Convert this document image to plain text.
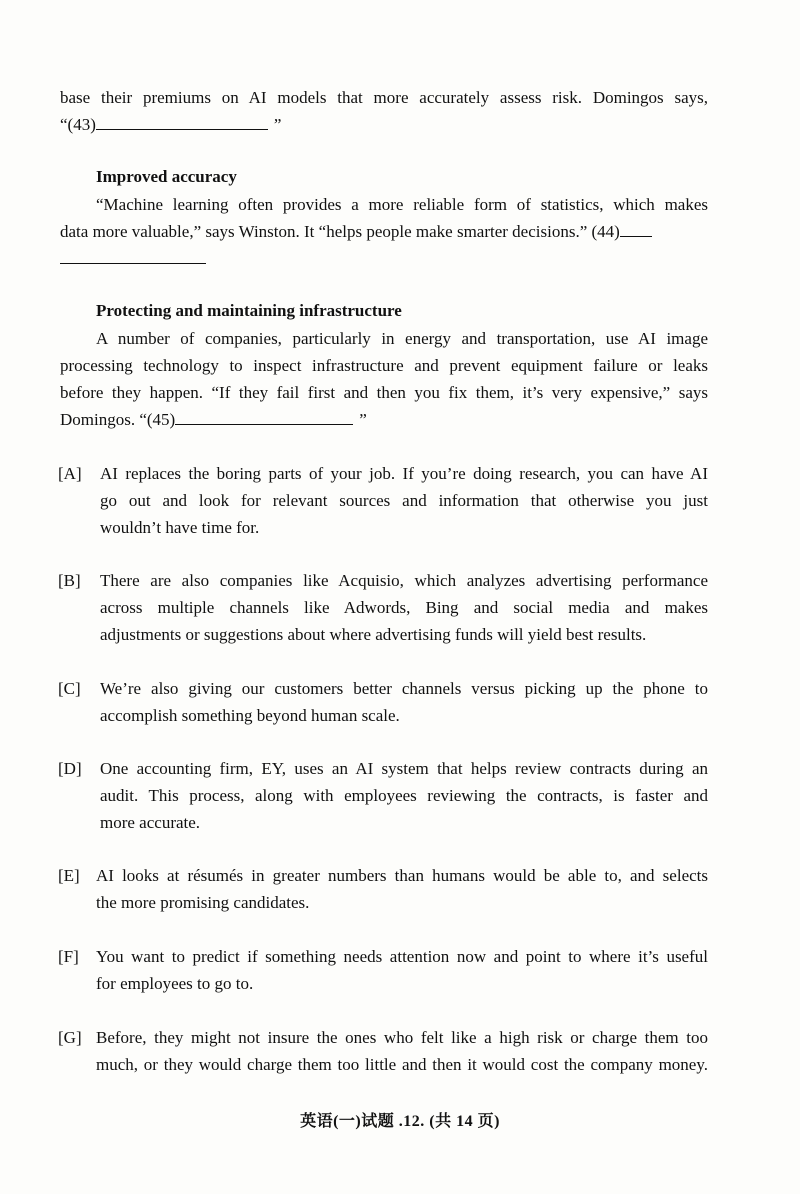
base their premiums on AI models that more accurately assess risk. Domingos says,
“(43)	”
Improved accuracy
“Machine learning often provides a more reliable form of statistics, which makes
data more valuable,” says Winston. It “helps people make smarter decisions.” (44)
Protecting and maintaining infrastructure
A number of companies, particularly in energy and transportation, use AI image
processing technology to inspect infrastructure and prevent equipment failure or leaks
before they happen. “If they fail first and then you fix them, it’s very expensive,” says
Domingos. “(45)	”
[A] AI replaces the boring parts of your job. If you’re doing research, you can have AI
go out and look for relevant sources and information that otherwise you just
wouldn’t have time for.
[B] There are also companies like Acquisio, which analyzes advertising performance
across multiple channels like Adwords, Bing and social media and makes
adjustments or suggestions about where advertising funds will yield best results.
[C] We’re also giving our customers better channels versus picking up the phone to
accomplish something beyond human scale.
[D] One accounting firm, EY, uses an AI system that helps review contracts during an
audit. This process, along with employees reviewing the contracts, is faster and
more accurate.
[E] AI looks at résumés in greater numbers than humans would be able to, and selects
the more promising candidates.
[F] You want to predict if something needs attention now and point to where it’s useful
for employees to go to.
[G] Before, they might not insure the ones who felt like a high risk or charge them too
much, or they would charge them too little and then it would cost the company money.
英语(一)试题 .12. (共 14 页)
